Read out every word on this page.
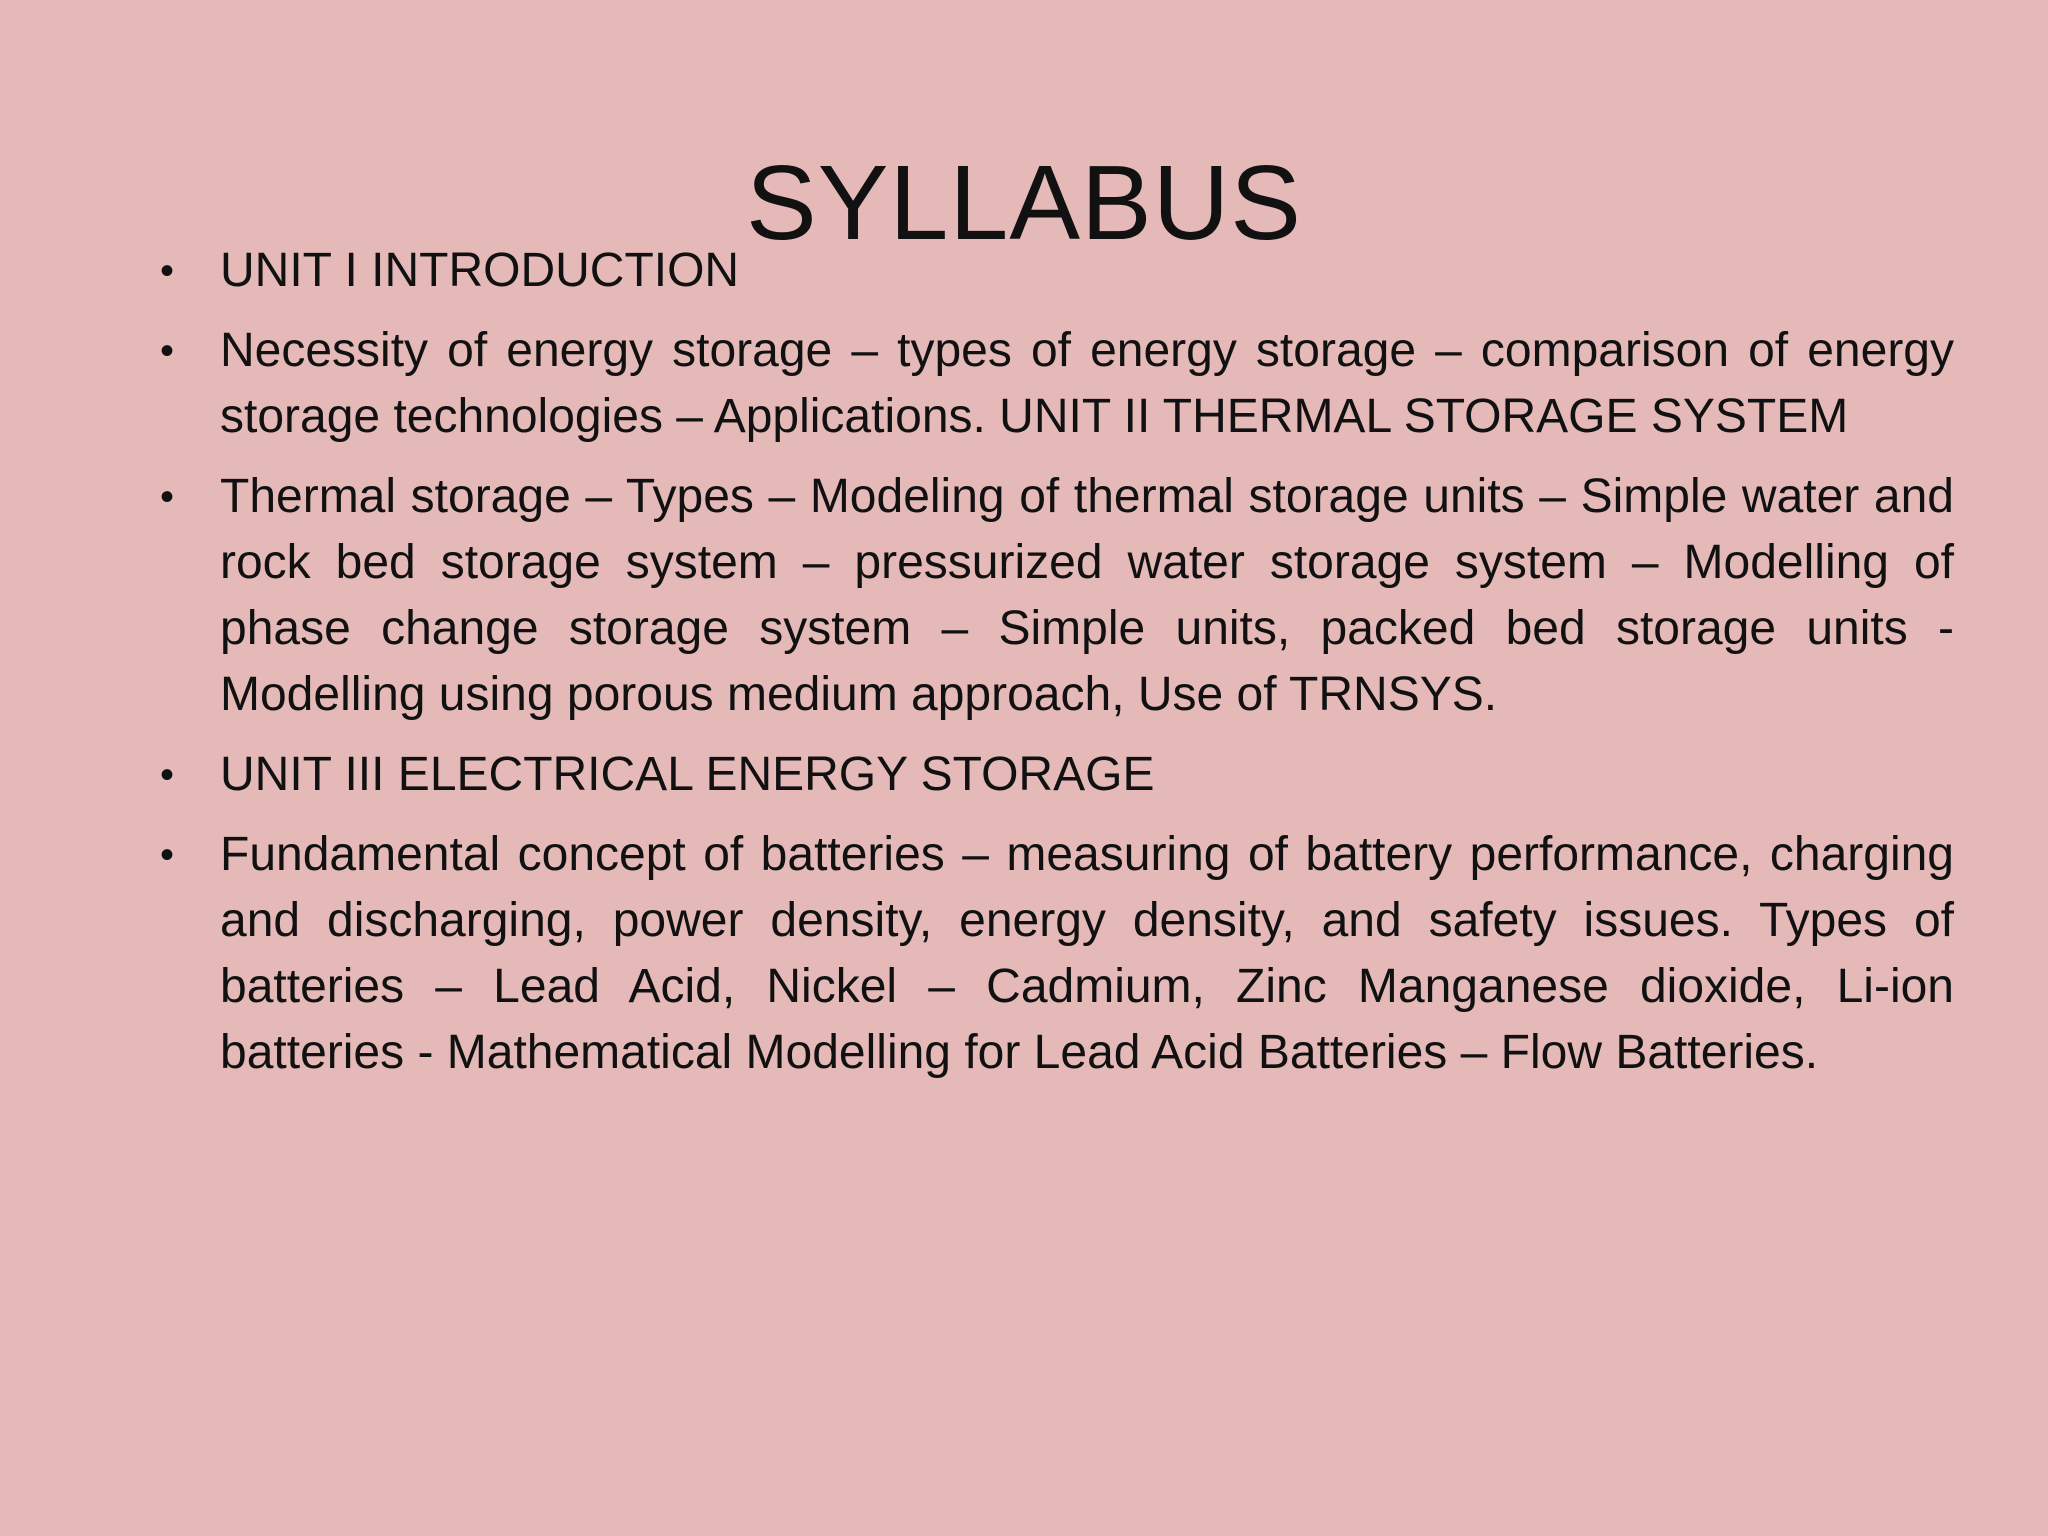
SYLLABUS
• UNIT I INTRODUCTION
• Necessity of energy storage – types of energy storage – comparison of energy storage technologies – Applications. UNIT II THERMAL STORAGE SYSTEM
• Thermal storage – Types – Modeling of thermal storage units – Simple water and rock bed storage system – pressurized water storage system – Modelling of phase change storage system – Simple units, packed bed storage units - Modelling using porous medium approach, Use of TRNSYS.
• UNIT III ELECTRICAL ENERGY STORAGE
• Fundamental concept of batteries – measuring of battery performance, charging and discharging, power density, energy density, and safety issues. Types of batteries – Lead Acid, Nickel – Cadmium, Zinc Manganese dioxide, Li-ion batteries - Mathematical Modelling for Lead Acid Batteries – Flow Batteries.
